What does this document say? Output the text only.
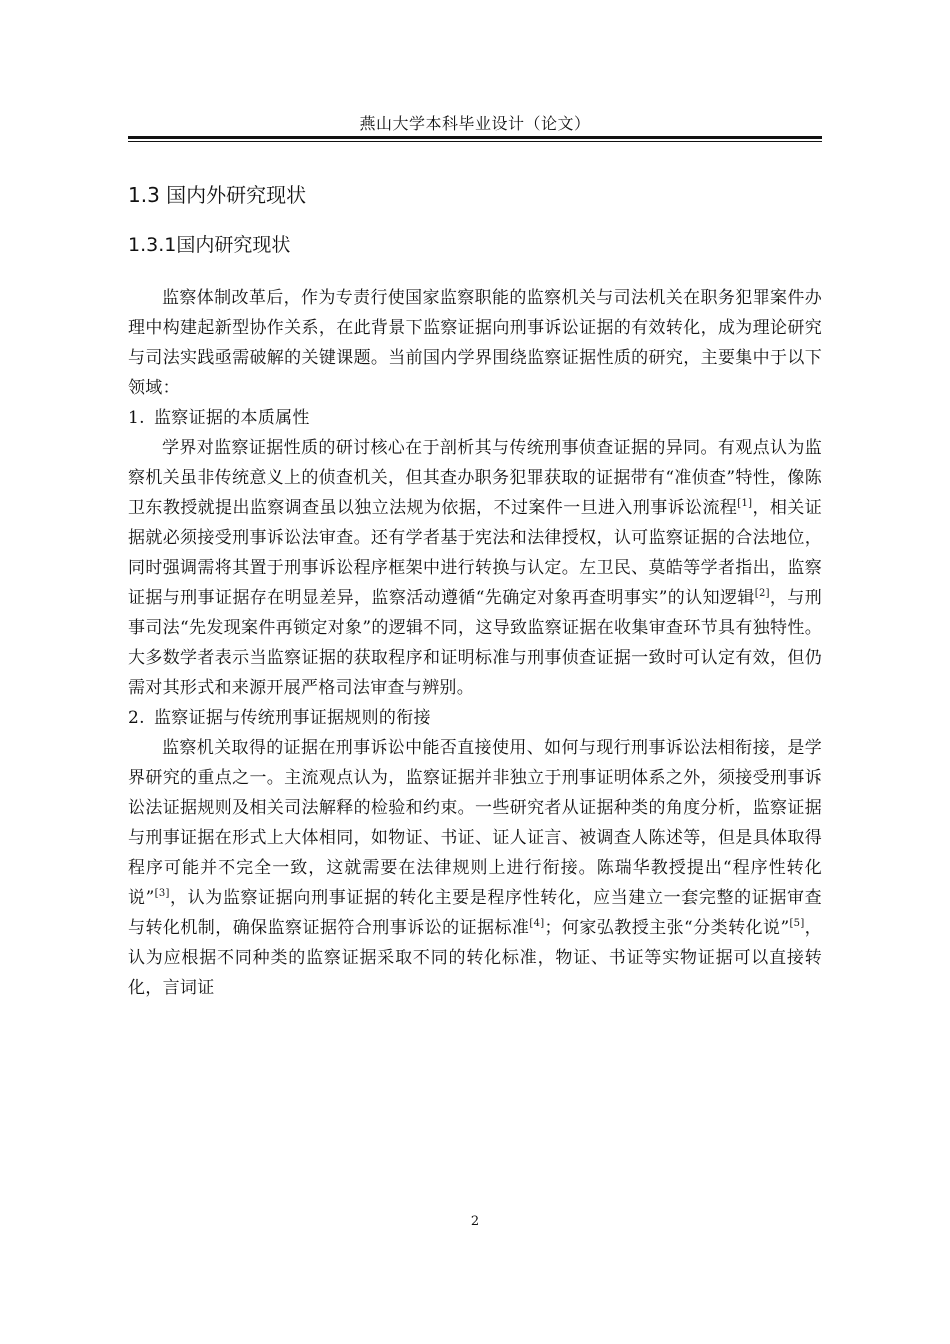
燕山大学本科毕业设计（论文）
1.3 国内外研究现状
1.3.1国内研究现状

监察体制改革后，作为专责行使国家监察职能的监察机关与司法机关在职务犯罪案件办理中构建起新型协作关系，在此背景下监察证据向刑事诉讼证据的有效转化，成为理论研究与司法实践亟需破解的关键课题。当前国内学界围绕监察证据性质的研究，主要集中于以下领域：

1. 监察证据的本质属性

学界对监察证据性质的研讨核心在于剖析其与传统刑事侦查证据的异同。有观点认为监察机关虽非传统意义上的侦查机关，但其查办职务犯罪获取的证据带有“准侦查”特性，像陈卫东教授就提出监察调查虽以独立法规为依据，不过案件一旦进入刑事诉讼流程[1]，相关证据就必须接受刑事诉讼法审查。还有学者基于宪法和法律授权，认可监察证据的合法地位，同时强调需将其置于刑事诉讼程序框架中进行转换与认定。左卫民、莫皓等学者指出，监察证据与刑事证据存在明显差异，监察活动遵循“先确定对象再查明事实”的认知逻辑[2]，与刑事司法“先发现案件再锁定对象”的逻辑不同，这导致监察证据在收集审查环节具有独特性。大多数学者表示当监察证据的获取程序和证明标准与刑事侦查证据一致时可认定有效，但仍需对其形式和来源开展严格司法审查与辨别。

2. 监察证据与传统刑事证据规则的衔接

监察机关取得的证据在刑事诉讼中能否直接使用、如何与现行刑事诉讼法相衔接，是学界研究的重点之一。主流观点认为，监察证据并非独立于刑事证明体系之外，须接受刑事诉讼法证据规则及相关司法解释的检验和约束。一些研究者从证据种类的角度分析，监察证据与刑事证据在形式上大体相同，如物证、书证、证人证言、被调查人陈述等，但是具体取得程序可能并不完全一致，这就需要在法律规则上进行衔接。陈瑞华教授提出“程序性转化说”[3]，认为监察证据向刑事证据的转化主要是程序性转化，应当建立一套完整的证据审查与转化机制，确保监察证据符合刑事诉讼的证据标准[4]；何家弘教授主张“分类转化说”[5]，认为应根据不同种类的监察证据采取不同的转化标准，物证、书证等实物证据可以直接转化，言词证

2
